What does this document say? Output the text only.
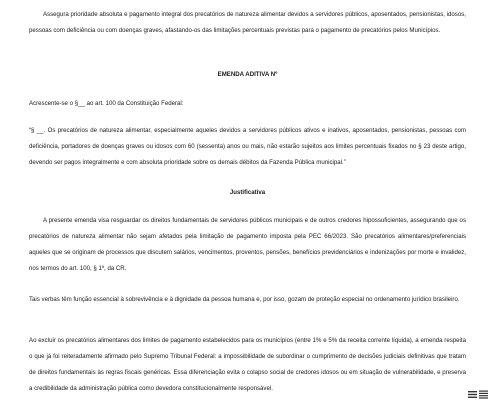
Assegura prioridade absoluta e pagamento integral dos precatórios de natureza alimentar devidos a servidores públicos, aposentados, pensionistas, idosos, pessoas com deficiência ou com doenças graves, afastando-os das limitações percentuais previstas para o pagamento de precatórios pelos Municípios.

EMENDA ADITIVA Nº

Acrescente-se o §__ ao art. 100 da Constituição Federal:

“§ __. Os precatórios de natureza alimentar, especialmente aqueles devidos a servidores públicos ativos e inativos, aposentados, pensionistas, pessoas com deficiência, portadores de doenças graves ou idosos com 60 (sessenta) anos ou mais, não estarão sujeitos aos limites percentuais fixados no § 23 deste artigo, devendo ser pagos integralmente e com absoluta prioridade sobre os demais débitos da Fazenda Pública municipal.”

Justificativa

A presente emenda visa resguardar os direitos fundamentais de servidores públicos municipais e de outros credores hipossuficientes, assegurando que os precatórios de natureza alimentar não sejam afetados pela limitação de pagamento imposta pela PEC 66/2023. São precatórios alimentares/preferenciais aqueles que se originam de processos que discutem salários, vencimentos, proventos, pensões, benefícios previdenciários e indenizações por morte e invalidez, nos termos do art. 100, § 1º, da CR.

Tais verbas têm função essencial à sobrevivência e à dignidade da pessoa humana e, por isso, gozam de proteção especial no ordenamento jurídico brasileiro.

Ao excluir os precatórios alimentares dos limites de pagamento estabelecidos para os municípios (entre 1% e 5% da receita corrente líquida), a emenda respeita o que já foi reiteradamente afirmado pelo Supremo Tribunal Federal: a impossibilidade de subordinar o cumprimento de decisões judiciais definitivas que tratam de direitos fundamentais às regras fiscais genéricas. Essa diferenciação evita o colapso social de credores idosos ou em situação de vulnerabilidade, e preserva a credibilidade da administração pública como devedora constitucionalmente responsável.
